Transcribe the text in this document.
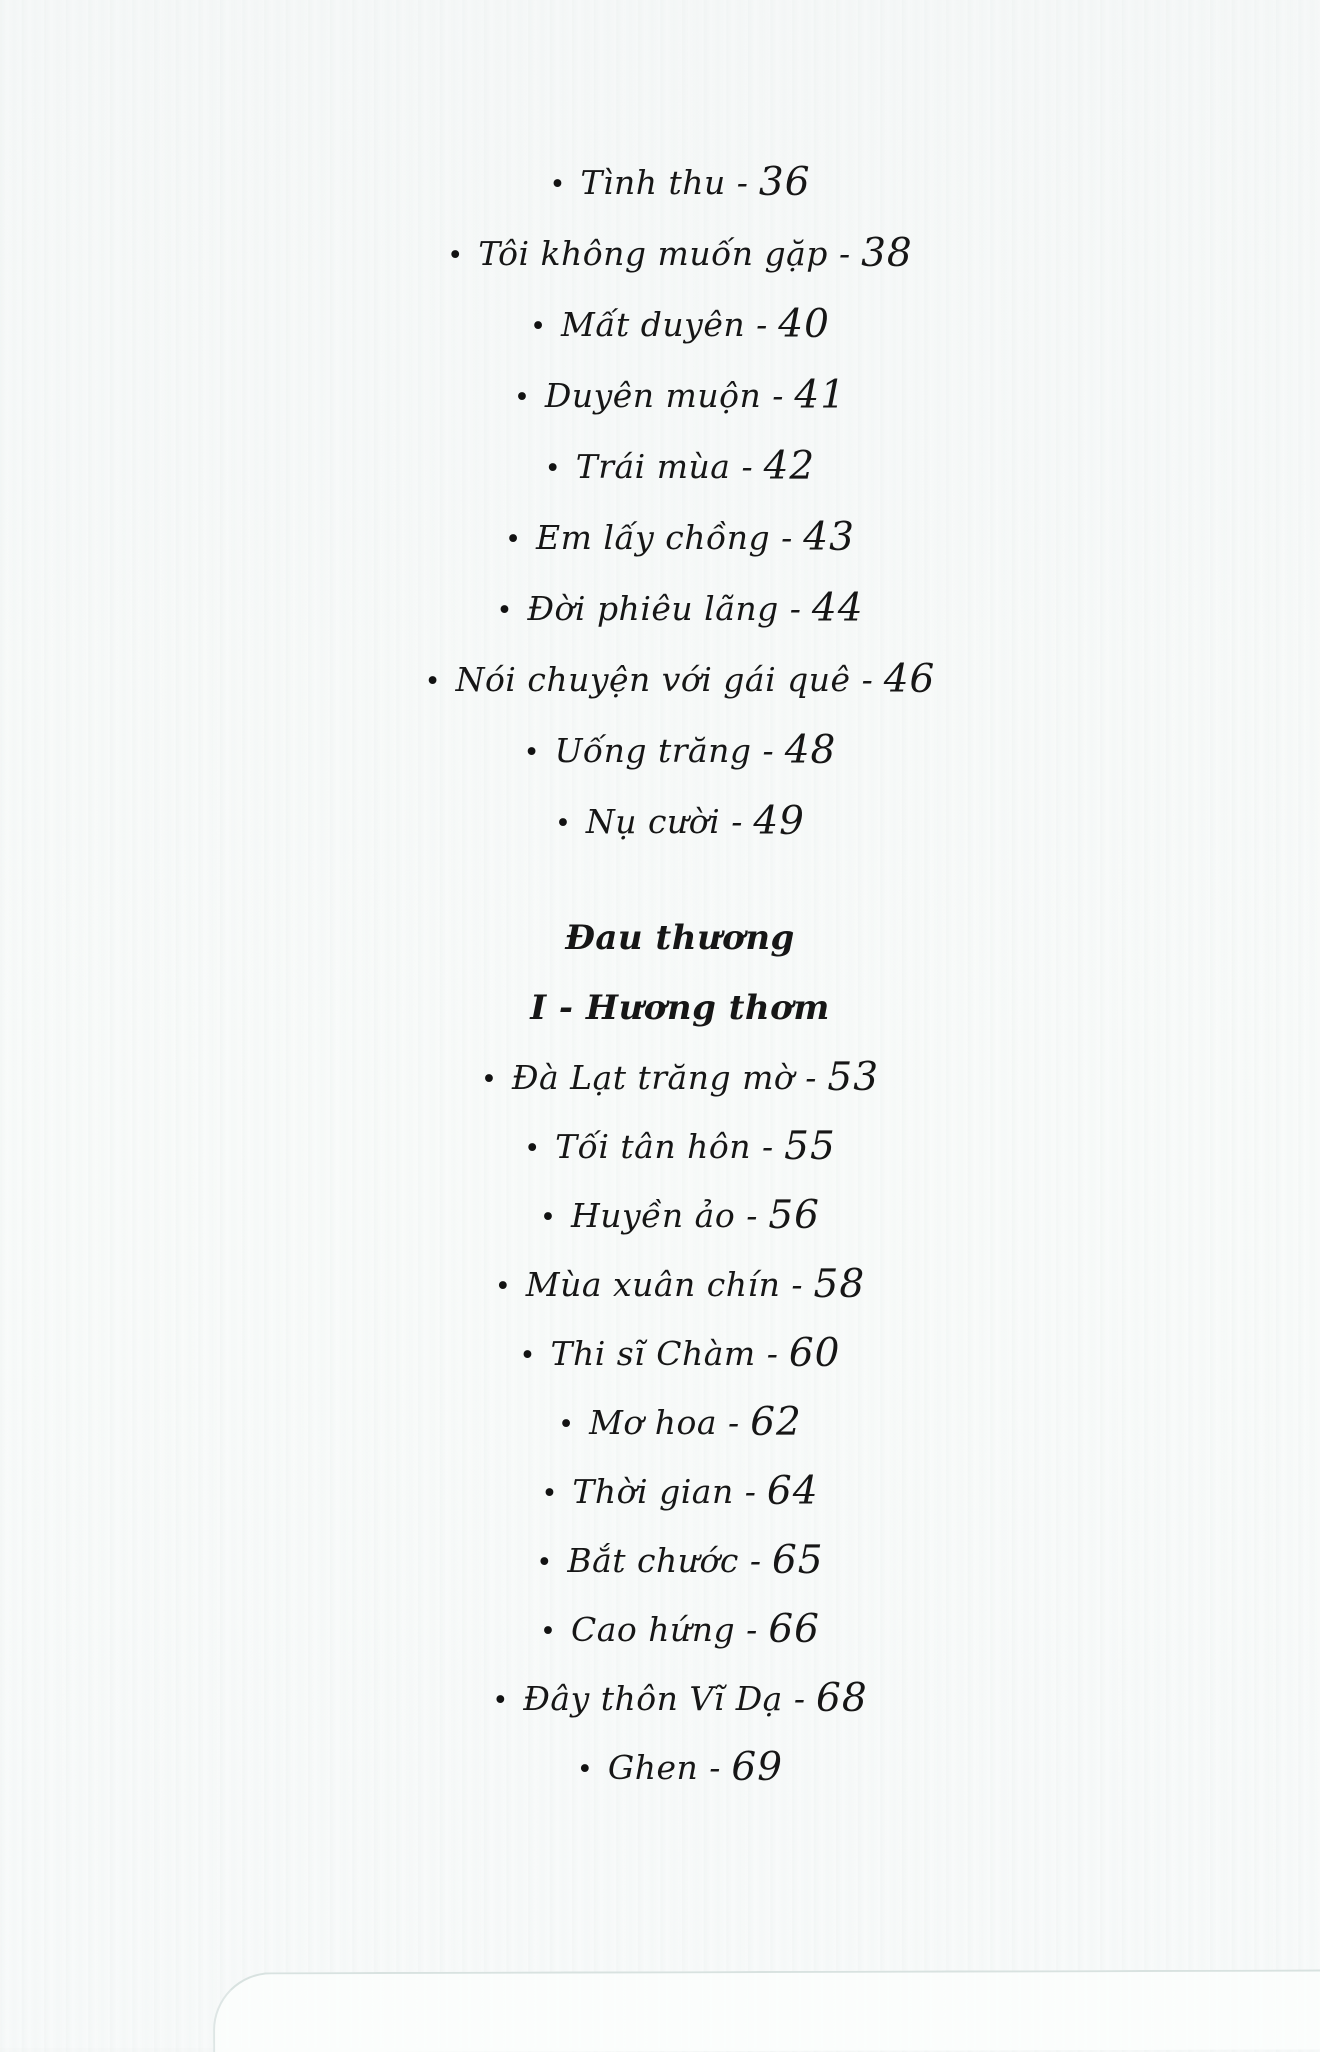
• Tình thu - 36
• Tôi không muốn gặp - 38
• Mất duyên - 40
• Duyên muộn - 41
• Trái mùa - 42
• Em lấy chồng - 43
• Đời phiêu lãng - 44
• Nói chuyện với gái quê - 46
• Uống trăng - 48
• Nụ cười - 49
Đau thương
I - Hương thơm
• Đà Lạt trăng mờ - 53
• Tối tân hôn - 55
• Huyền ảo - 56
• Mùa xuân chín - 58
• Thi sĩ Chàm - 60
• Mơ hoa - 62
• Thời gian - 64
• Bắt chước - 65
• Cao hứng - 66
• Đây thôn Vĩ Dạ - 68
• Ghen - 69
